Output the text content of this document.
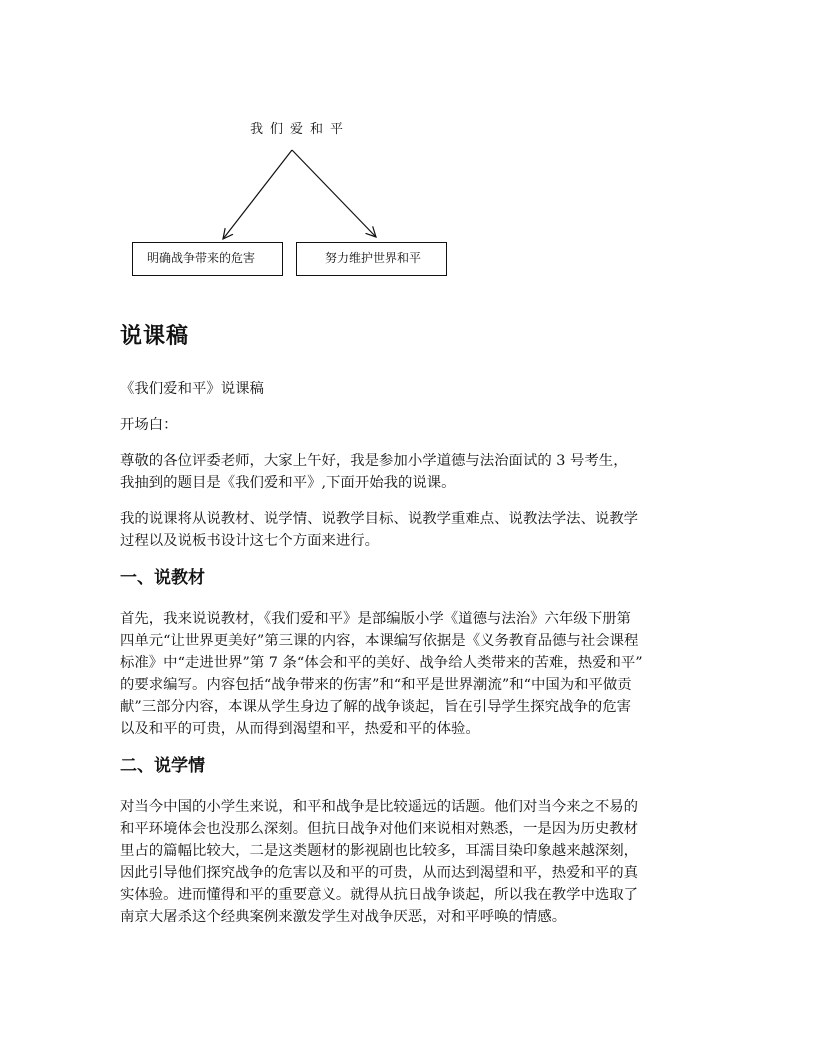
我们爱和平
明确战争带来的危害	努力维护世界和平
说课稿

《我们爱和平》说课稿

开场白：

尊敬的各位评委老师，大家上午好，我是参加小学道德与法治面试的 3 号考生，
我抽到的题目是《我们爱和平》,下面开始我的说课。

我的说课将从说教材、说学情、说教学目标、说教学重难点、说教法学法、说教学
过程以及说板书设计这七个方面来进行。

一、说教材

首先，我来说说教材，《我们爱和平》是部编版小学《道德与法治》六年级下册第
四单元“让世界更美好”第三课的内容，本课编写依据是《义务教育品德与社会课程
标准》中“走进世界”第 7 条“体会和平的美好、战争给人类带来的苦难，热爱和平”
的要求编写。内容包括“战争带来的伤害”和“和平是世界潮流”和“中国为和平做贡
献”三部分内容，本课从学生身边了解的战争谈起，旨在引导学生探究战争的危害
以及和平的可贵，从而得到渴望和平，热爱和平的体验。

二、说学情

对当今中国的小学生来说，和平和战争是比较遥远的话题。他们对当今来之不易的
和平环境体会也没那么深刻。但抗日战争对他们来说相对熟悉，一是因为历史教材
里占的篇幅比较大，二是这类题材的影视剧也比较多，耳濡目染印象越来越深刻，
因此引导他们探究战争的危害以及和平的可贵，从而达到渴望和平，热爱和平的真
实体验。进而懂得和平的重要意义。就得从抗日战争谈起，所以我在教学中选取了
南京大屠杀这个经典案例来激发学生对战争厌恶，对和平呼唤的情感。
